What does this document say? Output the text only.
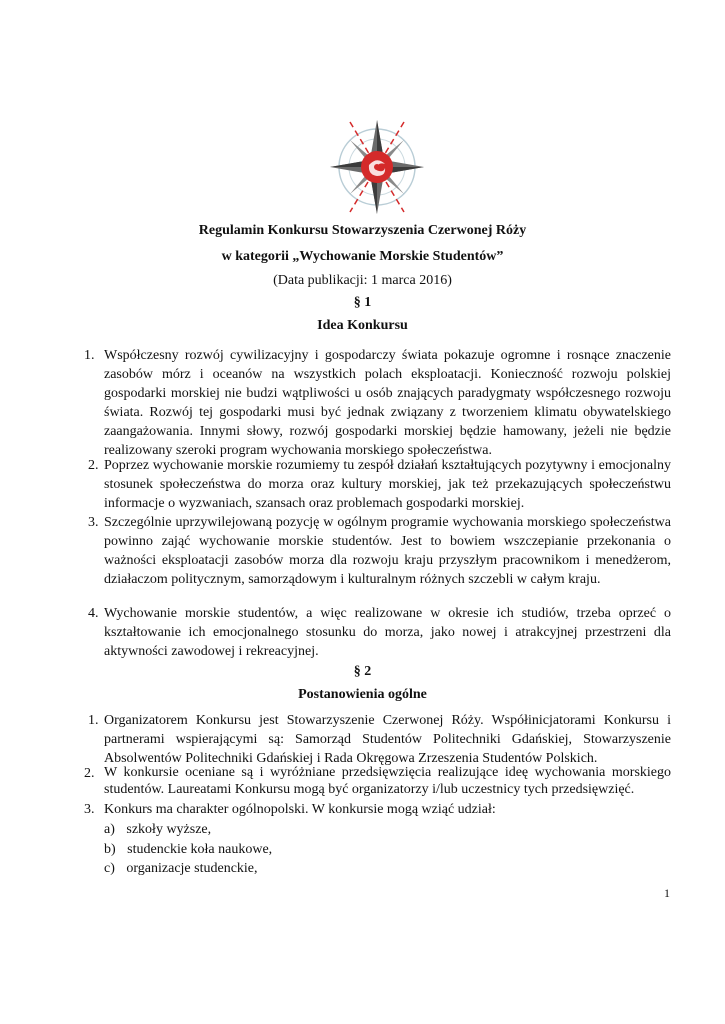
Regulamin Konkursu Stowarzyszenia Czerwonej Róży
w kategorii „Wychowanie Morskie Studentów”
(Data publikacji: 1 marca 2016)
§ 1
Idea Konkursu
1. Współczesny rozwój cywilizacyjny i gospodarczy świata pokazuje ogromne i rosnące znaczenie zasobów mórz i oceanów na wszystkich polach eksploatacji. Konieczność rozwoju polskiej gospodarki morskiej nie budzi wątpliwości u osób znających paradygmaty współczesnego rozwoju świata. Rozwój tej gospodarki musi być jednak związany z tworzeniem klimatu obywatelskiego zaangażowania. Innymi słowy, rozwój gospodarki morskiej będzie hamowany, jeżeli nie będzie realizowany szeroki program wychowania morskiego społeczeństwa.
2. Poprzez wychowanie morskie rozumiemy tu zespół działań kształtujących pozytywny i emocjonalny stosunek społeczeństwa do morza oraz kultury morskiej, jak też przekazujących społeczeństwu informacje o wyzwaniach, szansach oraz problemach gospodarki morskiej.
3. Szczególnie uprzywilejowaną pozycję w ogólnym programie wychowania morskiego społeczeństwa powinno zająć wychowanie morskie studentów. Jest to bowiem wszczepianie przekonania o ważności eksploatacji zasobów morza dla rozwoju kraju przyszłym pracownikom i menedżerom, działaczom politycznym, samorządowym i kulturalnym różnych szczebli w całym kraju.
4. Wychowanie morskie studentów, a więc realizowane w okresie ich studiów, trzeba oprzeć o kształtowanie ich emocjonalnego stosunku do morza, jako nowej i atrakcyjnej przestrzeni dla aktywności zawodowej i rekreacyjnej.
§ 2
Postanowienia ogólne
1. Organizatorem Konkursu jest Stowarzyszenie Czerwonej Róży. Współinicjatorami Konkursu i partnerami wspierającymi są: Samorząd Studentów Politechniki Gdańskiej, Stowarzyszenie Absolwentów Politechniki Gdańskiej i Rada Okręgowa Zrzeszenia Studentów Polskich.
2. W konkursie oceniane są i wyróżniane przedsięwzięcia realizujące ideę wychowania morskiego studentów. Laureatami Konkursu mogą być organizatorzy i/lub uczestnicy tych przedsięwzięć.
3. Konkurs ma charakter ogólnopolski. W konkursie mogą wziąć udział:
a) szkoły wyższe,
b) studenckie koła naukowe,
c) organizacje studenckie,
1
